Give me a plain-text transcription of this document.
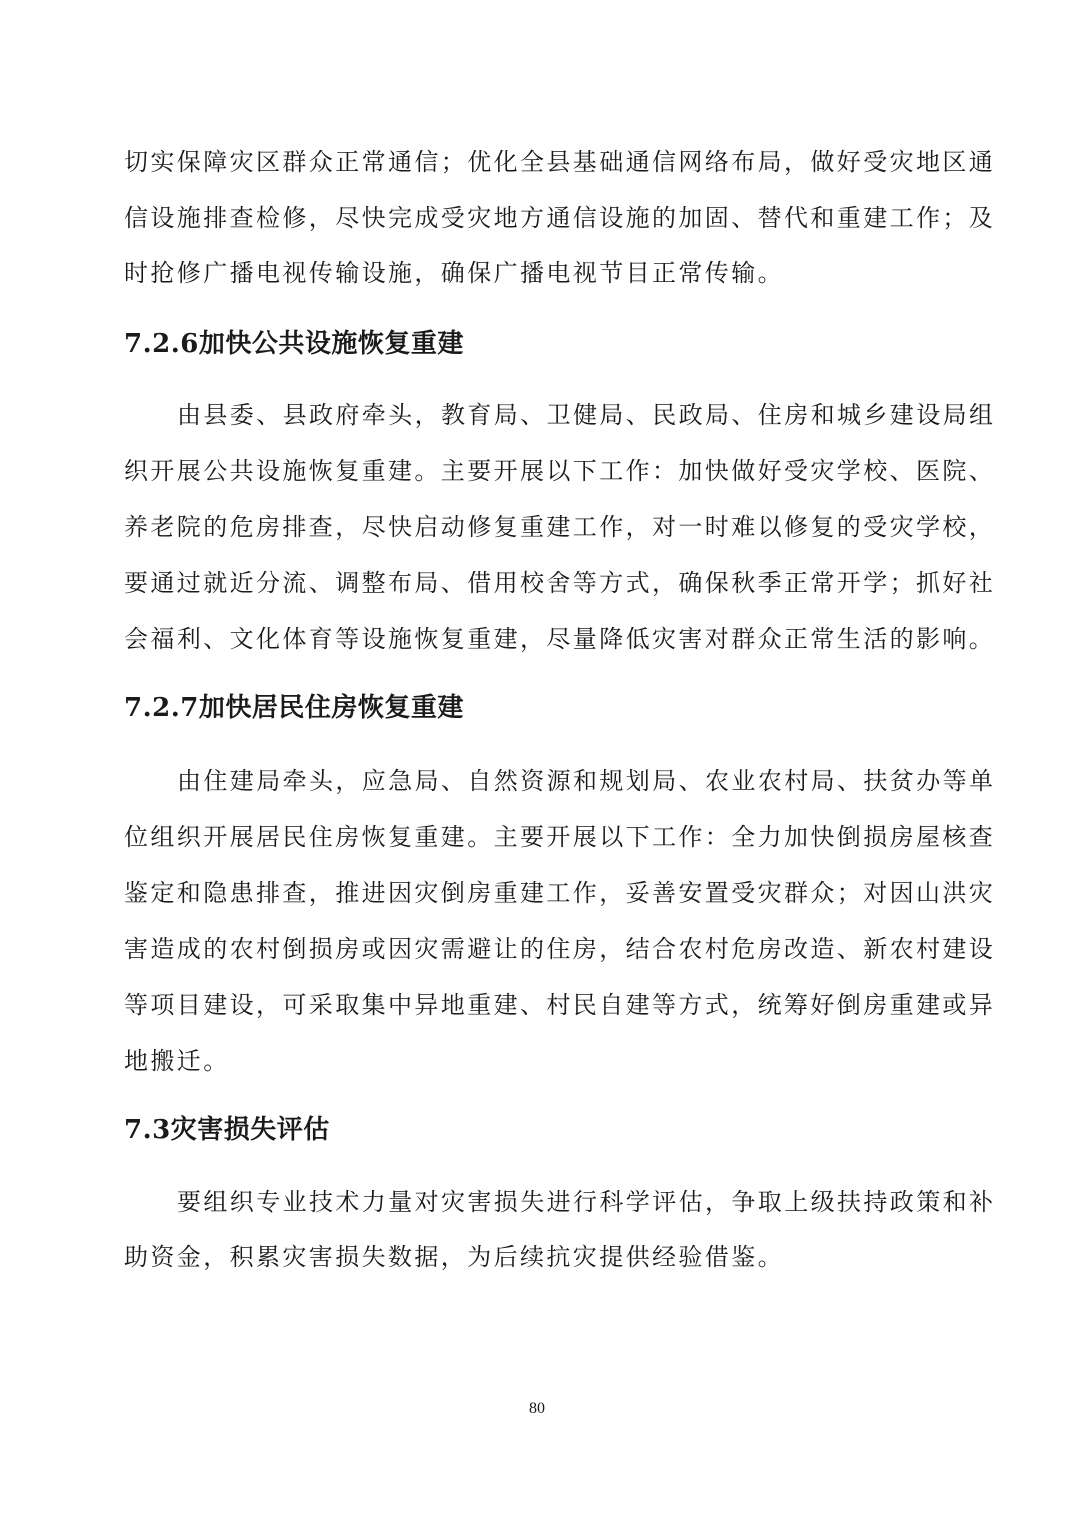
切实保障灾区群众正常通信；优化全县基础通信网络布局，做好受灾地区通

信设施排查检修，尽快完成受灾地方通信设施的加固、替代和重建工作；及

时抢修广播电视传输设施，确保广播电视节目正常传输。

7.2.6加快公共设施恢复重建

由县委、县政府牵头，教育局、卫健局、民政局、住房和城乡建设局组

织开展公共设施恢复重建。主要开展以下工作：加快做好受灾学校、医院、

养老院的危房排查，尽快启动修复重建工作，对一时难以修复的受灾学校，

要通过就近分流、调整布局、借用校舍等方式，确保秋季正常开学；抓好社

会福利、文化体育等设施恢复重建，尽量降低灾害对群众正常生活的影响。

7.2.7加快居民住房恢复重建

由住建局牵头，应急局、自然资源和规划局、农业农村局、扶贫办等单

位组织开展居民住房恢复重建。主要开展以下工作：全力加快倒损房屋核查

鉴定和隐患排查，推进因灾倒房重建工作，妥善安置受灾群众；对因山洪灾

害造成的农村倒损房或因灾需避让的住房，结合农村危房改造、新农村建设

等项目建设，可采取集中异地重建、村民自建等方式，统筹好倒房重建或异

地搬迁。

7.3灾害损失评估

要组织专业技术力量对灾害损失进行科学评估，争取上级扶持政策和补

助资金，积累灾害损失数据，为后续抗灾提供经验借鉴。

80
